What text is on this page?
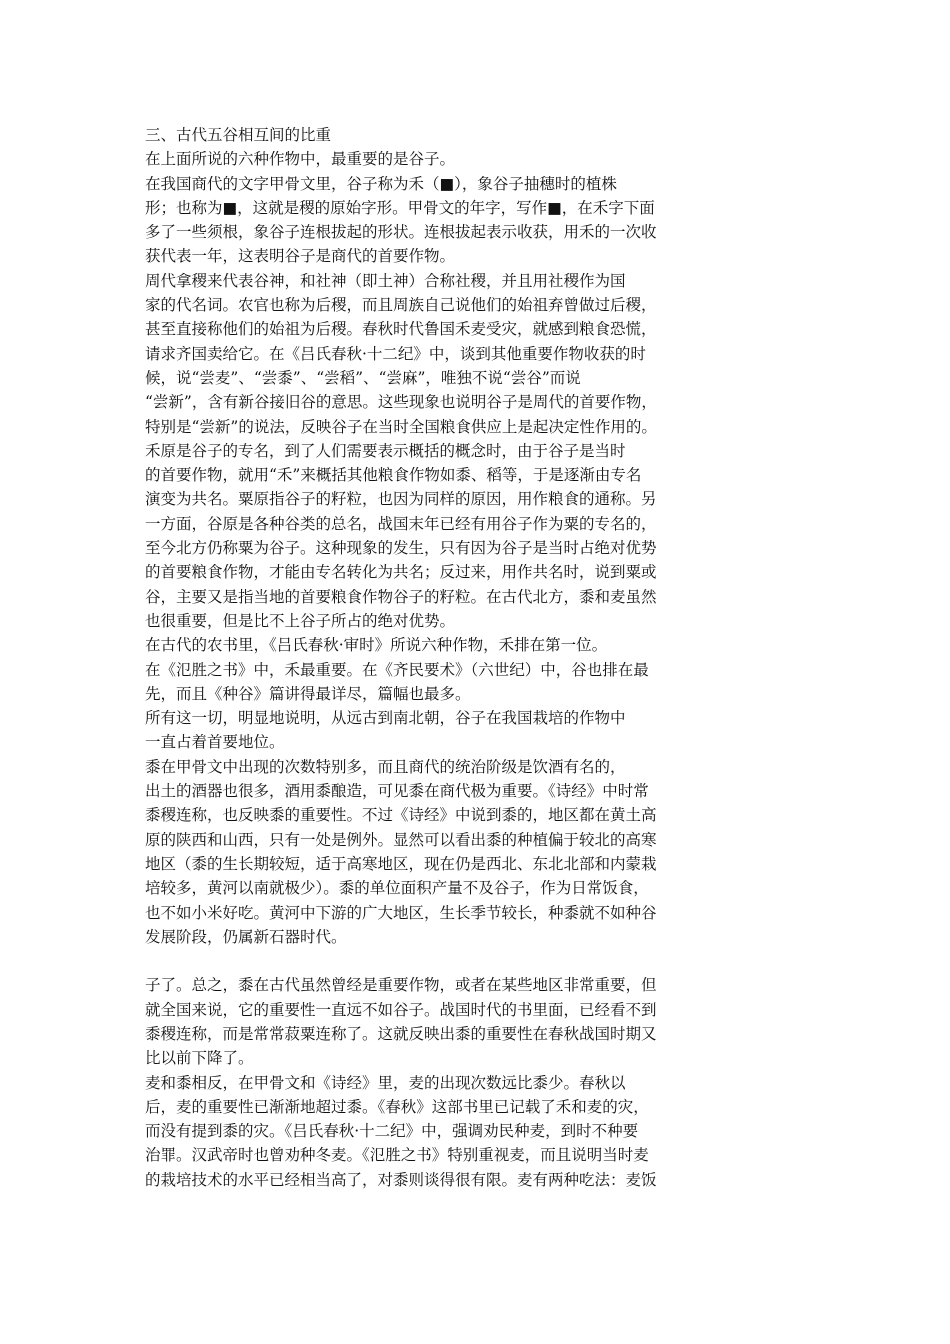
三、古代五谷相互间的比重
在上面所说的六种作物中，最重要的是谷子。
在我国商代的文字甲骨文里，谷子称为禾（■），象谷子抽穗时的植株
形；也称为■，这就是稷的原始字形。甲骨文的年字，写作■，在禾字下面
多了一些须根，象谷子连根拔起的形状。连根拔起表示收获，用禾的一次收
获代表一年，这表明谷子是商代的首要作物。
周代拿稷来代表谷神，和社神（即土神）合称社稷，并且用社稷作为国
家的代名词。农官也称为后稷，而且周族自己说他们的始祖弃曾做过后稷，
甚至直接称他们的始祖为后稷。春秋时代鲁国禾麦受灾，就感到粮食恐慌，
请求齐国卖给它。在《吕氏春秋·十二纪》中，谈到其他重要作物收获的时
候，说“尝麦”、“尝黍”、“尝稻”、“尝麻”，唯独不说“尝谷”而说
“尝新”，含有新谷接旧谷的意思。这些现象也说明谷子是周代的首要作物，
特别是“尝新”的说法，反映谷子在当时全国粮食供应上是起决定性作用的。
禾原是谷子的专名，到了人们需要表示概括的概念时，由于谷子是当时
的首要作物，就用“禾”来概括其他粮食作物如黍、稻等，于是逐渐由专名
演变为共名。粟原指谷子的籽粒，也因为同样的原因，用作粮食的通称。另
一方面，谷原是各种谷类的总名，战国末年已经有用谷子作为粟的专名的，
至今北方仍称粟为谷子。这种现象的发生，只有因为谷子是当时占绝对优势
的首要粮食作物，才能由专名转化为共名；反过来，用作共名时，说到粟或
谷，主要又是指当地的首要粮食作物谷子的籽粒。在古代北方，黍和麦虽然
也很重要，但是比不上谷子所占的绝对优势。
在古代的农书里，《吕氏春秋·审时》所说六种作物，禾排在第一位。
在《氾胜之书》中，禾最重要。在《齐民要术》（六世纪）中，谷也排在最
先，而且《种谷》篇讲得最详尽，篇幅也最多。
所有这一切，明显地说明，从远古到南北朝，谷子在我国栽培的作物中
一直占着首要地位。
黍在甲骨文中出现的次数特别多，而且商代的统治阶级是饮酒有名的，
出土的酒器也很多，酒用黍酿造，可见黍在商代极为重要。《诗经》中时常
黍稷连称，也反映黍的重要性。不过《诗经》中说到黍的，地区都在黄土高
原的陕西和山西，只有一处是例外。显然可以看出黍的种植偏于较北的高寒
地区（黍的生长期较短，适于高寒地区，现在仍是西北、东北北部和内蒙栽
培较多，黄河以南就极少）。黍的单位面积产量不及谷子，作为日常饭食，
也不如小米好吃。黄河中下游的广大地区，生长季节较长，种黍就不如种谷
发展阶段，仍属新石器时代。
子了。总之，黍在古代虽然曾经是重要作物，或者在某些地区非常重要，但
就全国来说，它的重要性一直远不如谷子。战国时代的书里面，已经看不到
黍稷连称，而是常常菽粟连称了。这就反映出黍的重要性在春秋战国时期又
比以前下降了。
麦和黍相反，在甲骨文和《诗经》里，麦的出现次数远比黍少。春秋以
后，麦的重要性已渐渐地超过黍。《春秋》这部书里已记载了禾和麦的灾，
而没有提到黍的灾。《吕氏春秋·十二纪》中，强调劝民种麦，到时不种要
治罪。汉武帝时也曾劝种冬麦。《氾胜之书》特别重视麦，而且说明当时麦
的栽培技术的水平已经相当高了，对黍则谈得很有限。麦有两种吃法：麦饭
